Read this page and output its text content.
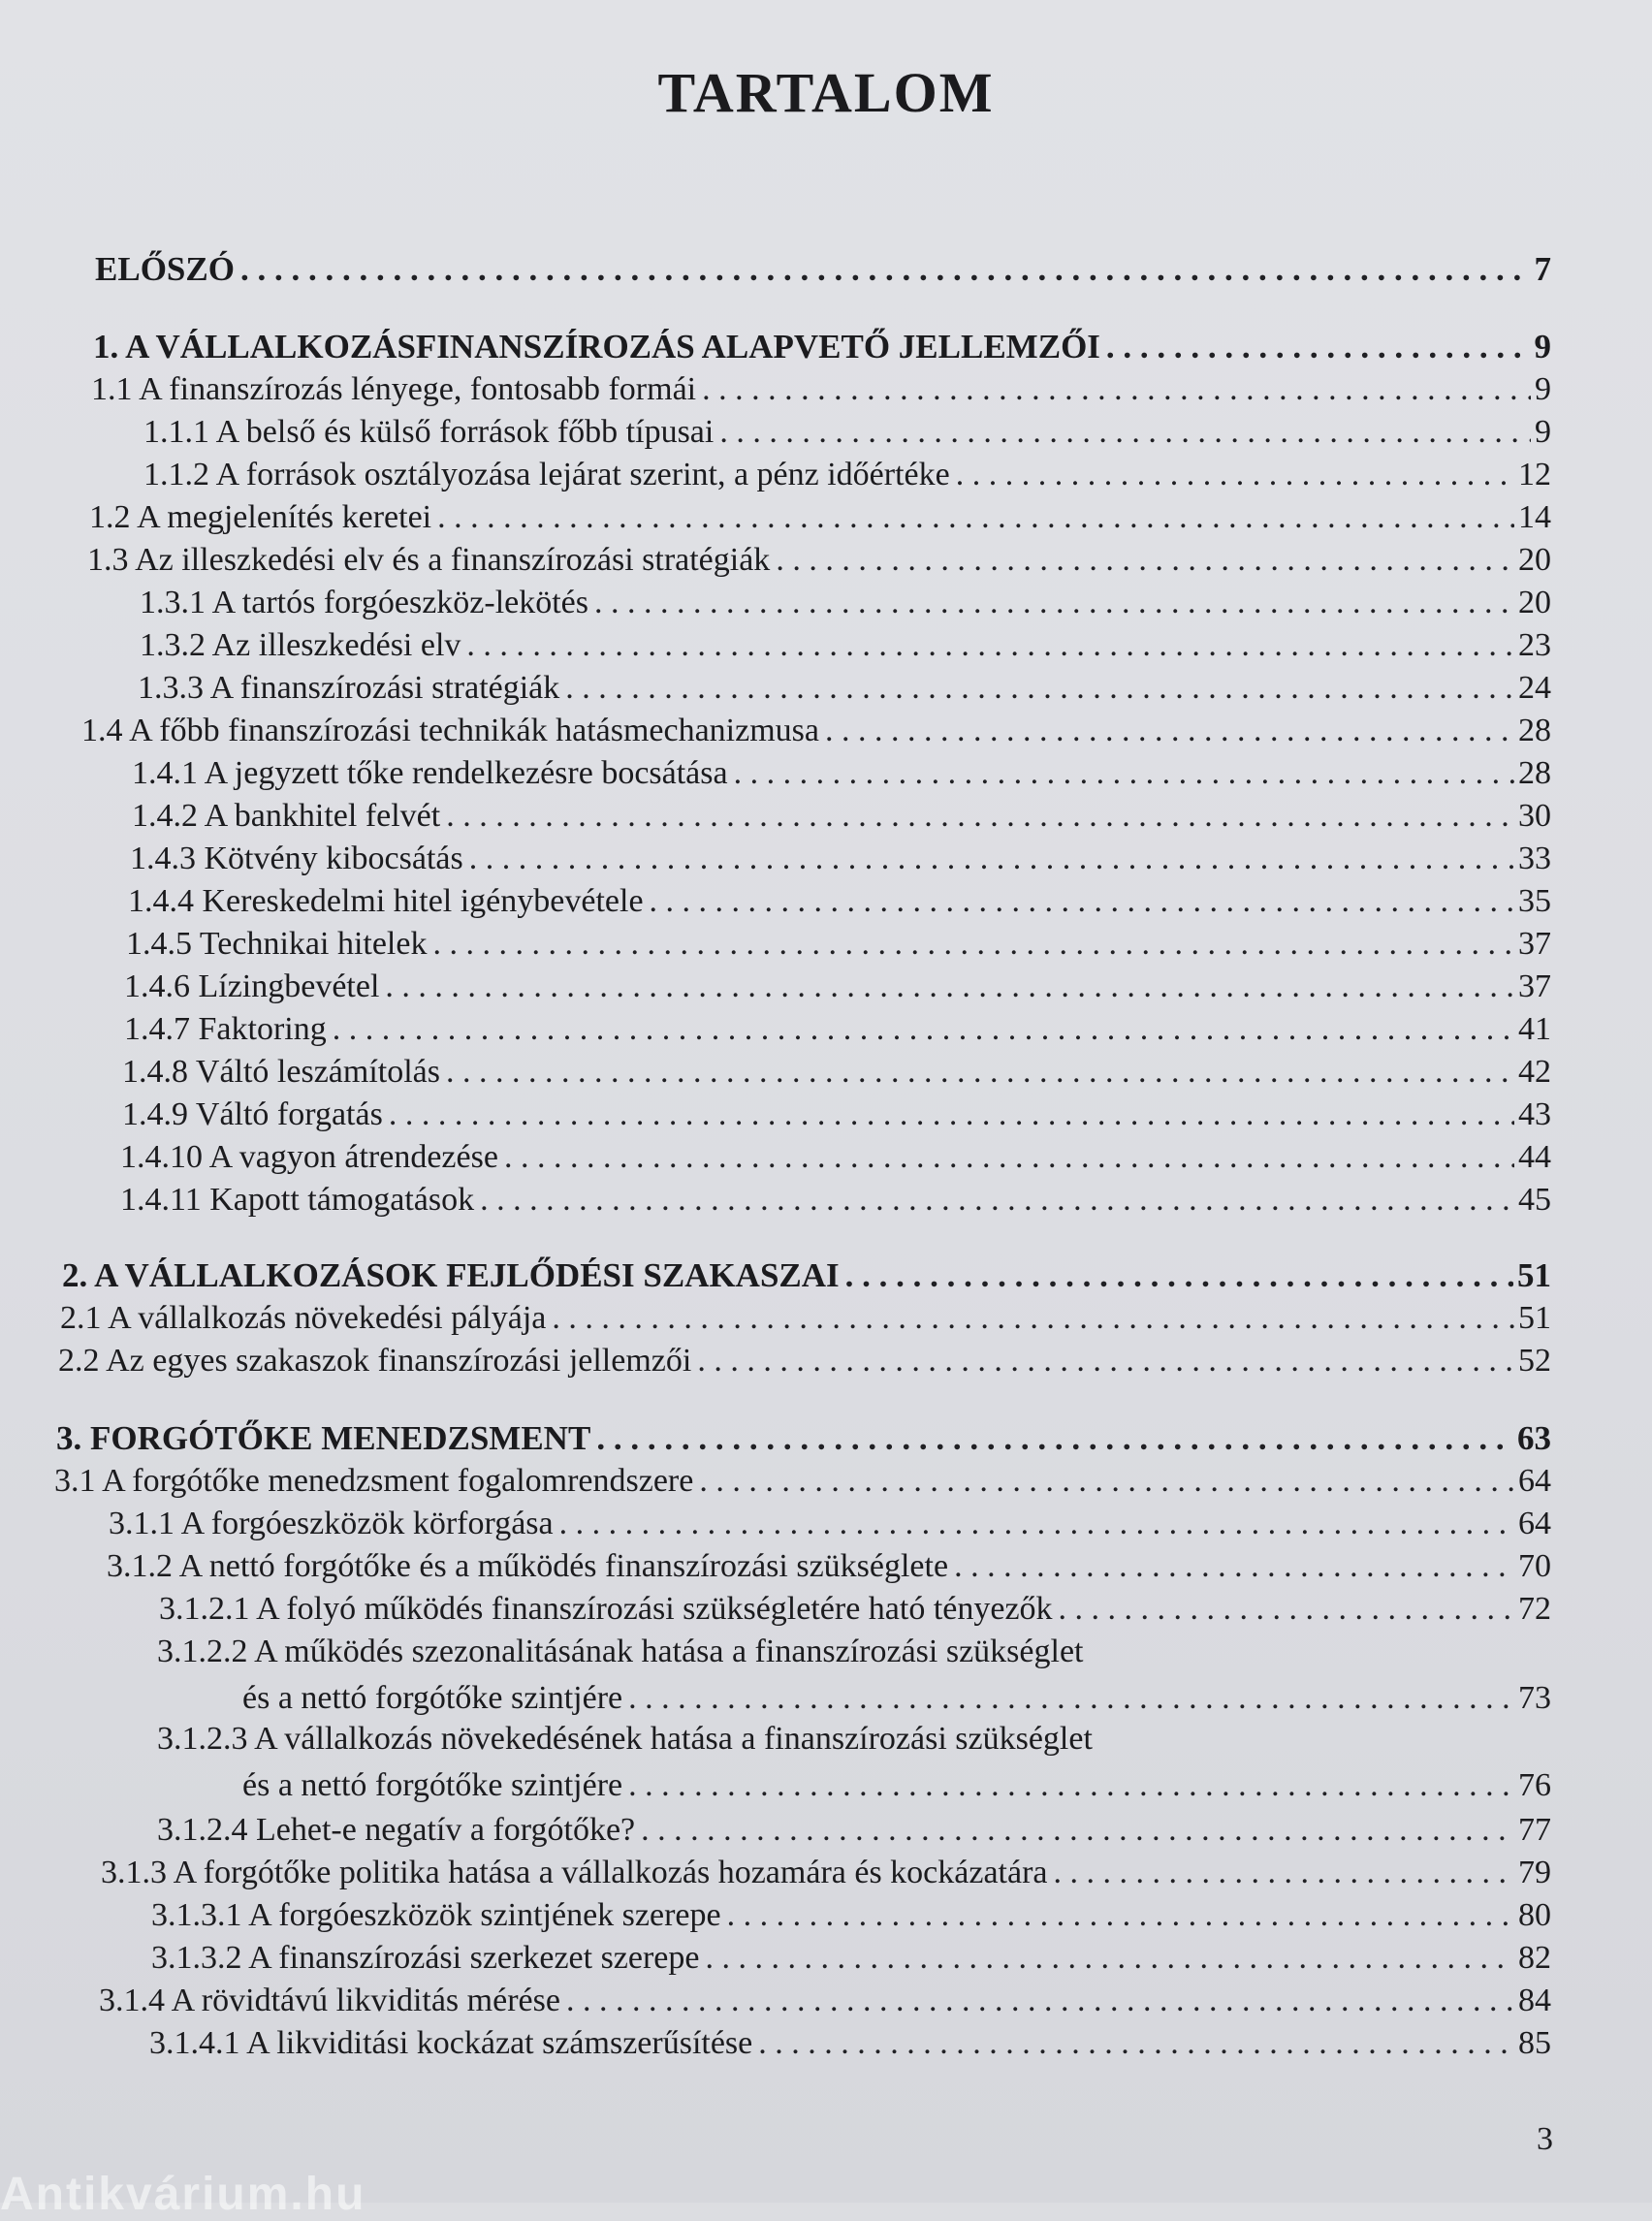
TARTALOM
ELŐSZÓ . . .	7
1. A VÁLLALKOZÁSFINANSZÍROZÁS ALAPVETŐ JELLEMZŐI . . .	9
1.1 A finanszírozás lényege, fontosabb formái . . .	9
1.1.1 A belső és külső források főbb típusai . . .	9
1.1.2 A források osztályozása lejárat szerint, a pénz időértéke . . .	12
1.2 A megjelenítés keretei . . .	14
1.3 Az illeszkedési elv és a finanszírozási stratégiák . . .	20
1.3.1 A tartós forgóeszköz-lekötés . . .	20
1.3.2 Az illeszkedési elv . . .	23
1.3.3 A finanszírozási stratégiák . . .	24
1.4 A főbb finanszírozási technikák hatásmechanizmusa . . .	28
1.4.1 A jegyzett tőke rendelkezésre bocsátása . . .	28
1.4.2 A bankhitel felvét . . .	30
1.4.3 Kötvény kibocsátás . . .	33
1.4.4 Kereskedelmi hitel igénybevétele . . .	35
1.4.5 Technikai hitelek . . .	37
1.4.6 Lízingbevétel . . .	37
1.4.7 Faktoring . . .	41
1.4.8 Váltó leszámítolás . . .	42
1.4.9 Váltó forgatás . . .	43
1.4.10 A vagyon átrendezése . . .	44
1.4.11 Kapott támogatások . . .	45
2. A VÁLLALKOZÁSOK FEJLŐDÉSI SZAKASZAI . . .	51
2.1 A vállalkozás növekedési pályája . . .	51
2.2 Az egyes szakaszok finanszírozási jellemzői . . .	52
3. FORGÓTŐKE MENEDZSMENT . . .	63
3.1 A forgótőke menedzsment fogalomrendszere . . .	64
3.1.1 A forgóeszközök körforgása . . .	64
3.1.2 A nettó forgótőke és a működés finanszírozási szükséglete . . .	70
3.1.2.1 A folyó működés finanszírozási szükségletére ható tényezők . . .	72
3.1.2.2 A működés szezonalitásának hatása a finanszírozási szükséglet
és a nettó forgótőke szintjére . . .	73
3.1.2.3 A vállalkozás növekedésének hatása a finanszírozási szükséglet
és a nettó forgótőke szintjére . . .	76
3.1.2.4 Lehet-e negatív a forgótőke? . . .	77
3.1.3 A forgótőke politika hatása a vállalkozás hozamára és kockázatára . . .	79
3.1.3.1 A forgóeszközök szintjének szerepe . . .	80
3.1.3.2 A finanszírozási szerkezet szerepe . . .	82
3.1.4 A rövidtávú likviditás mérése . . .	84
3.1.4.1 A likviditási kockázat számszerűsítése . . .	85
3
Antikvárium.hu
